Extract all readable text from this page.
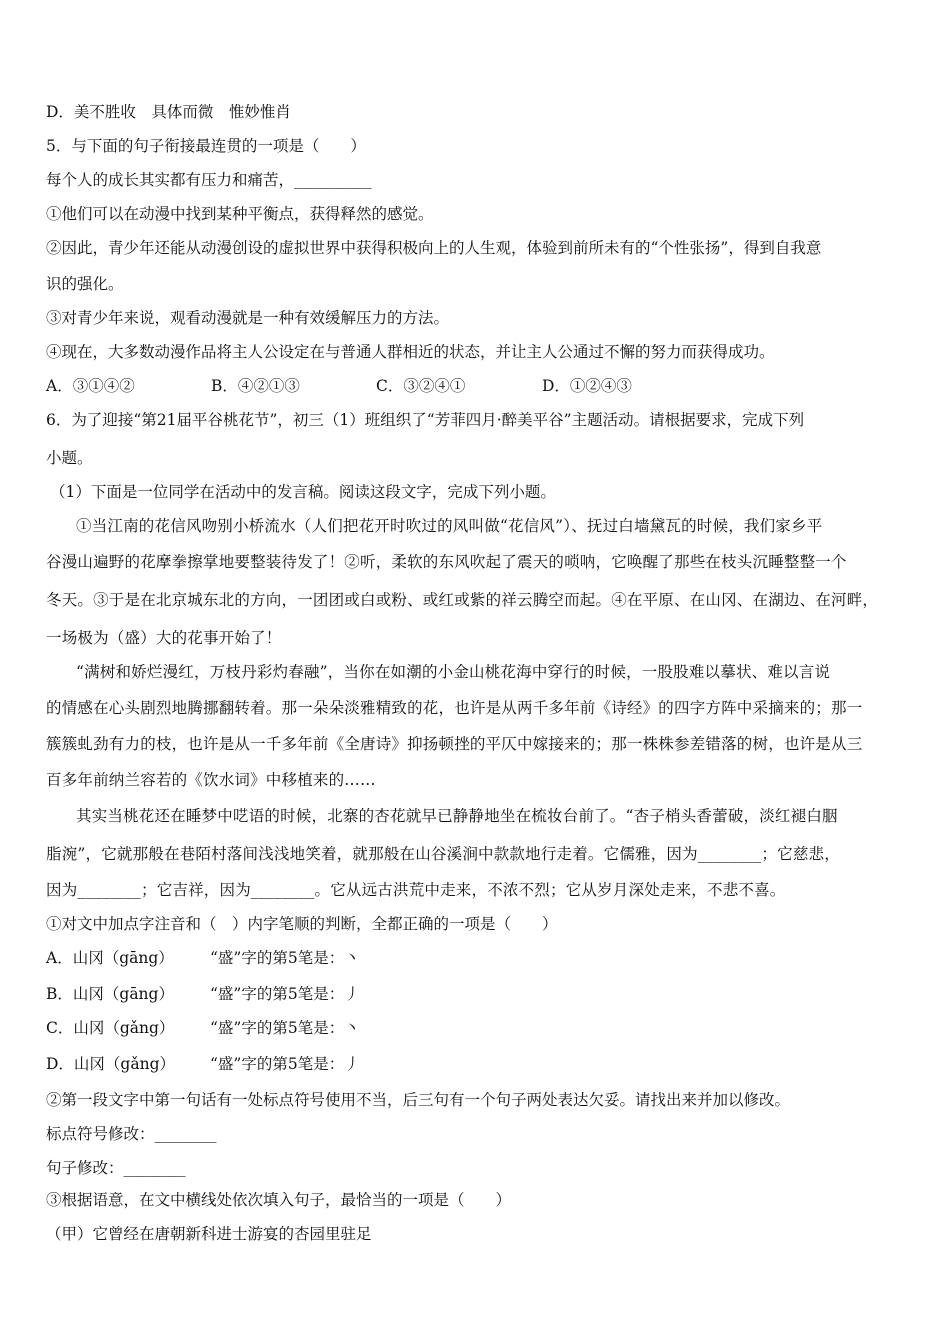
D．美不胜收　具体而微　惟妙惟肖
5．与下面的句子衔接最连贯的一项是（　　）
每个人的成长其实都有压力和痛苦，__________
①他们可以在动漫中找到某种平衡点，获得释然的感觉。
②因此，青少年还能从动漫创设的虚拟世界中获得积极向上的人生观，体验到前所未有的“个性张扬”，得到自我意
识的强化。
③对青少年来说，观看动漫就是一种有效缓解压力的方法。
④现在，大多数动漫作品将主人公设定在与普通人群相近的状态，并让主人公通过不懈的努力而获得成功。
A．③①④②	B．④②①③	C．③②④①	D．①②④③
6．为了迎接“第21届平谷桃花节”，初三（1）班组织了“芳菲四月·醉美平谷”主题活动。请根据要求，完成下列
小题。
（1）下面是一位同学在活动中的发言稿。阅读这段文字，完成下列小题。
①当江南的花信风吻别小桥流水（人们把花开时吹过的风叫做“花信风”）、抚过白墙黛瓦的时候，我们家乡平
谷漫山遍野的花摩拳擦掌地要整装待发了！②听，柔软的东风吹起了震天的唢呐，它唤醒了那些在枝头沉睡整整一个
冬天。③于是在北京城东北的方向，一团团或白或粉、或红或紫的祥云腾空而起。④在平原、在山冈、在湖边、在河畔，
一场极为（盛）大的花事开始了！
“满树和娇烂漫红，万枝丹彩灼春融”，当你在如潮的小金山桃花海中穿行的时候，一股股难以摹状、难以言说
的情感在心头剧烈地腾挪翻转着。那一朵朵淡雅精致的花，也许是从两千多年前《诗经》的四字方阵中采摘来的；那一
簇簇虬劲有力的枝，也许是从一千多年前《全唐诗》抑扬顿挫的平仄中嫁接来的；那一株株参差错落的树，也许是从三
百多年前纳兰容若的《饮水词》中移植来的……
其实当桃花还在睡梦中呓语的时候，北寨的杏花就早已静静地坐在梳妆台前了。“杏子梢头香蕾破，淡红褪白胭
脂涴”，它就那般在巷陌村落间浅浅地笑着，就那般在山谷溪涧中款款地行走着。它儒雅，因为________；它慈悲，
因为________；它吉祥，因为________。它从远古洪荒中走来，不浓不烈；它从岁月深处走来，不悲不喜。
①对文中加点字注音和（　）内字笔顺的判断，全都正确的一项是（　　）
A．山冈（gāng） “盛”字的第5笔是：丶
B．山冈（gāng） “盛”字的第5笔是：丿
C．山冈（gǎng） “盛”字的第5笔是：丶
D．山冈（gǎng） “盛”字的第5笔是：丿
②第一段文字中第一句话有一处标点符号使用不当，后三句有一个句子两处表达欠妥。请找出来并加以修改。
标点符号修改：________
句子修改：________
③根据语意，在文中横线处依次填入句子，最恰当的一项是（　　）
（甲）它曾经在唐朝新科进士游宴的杏园里驻足
